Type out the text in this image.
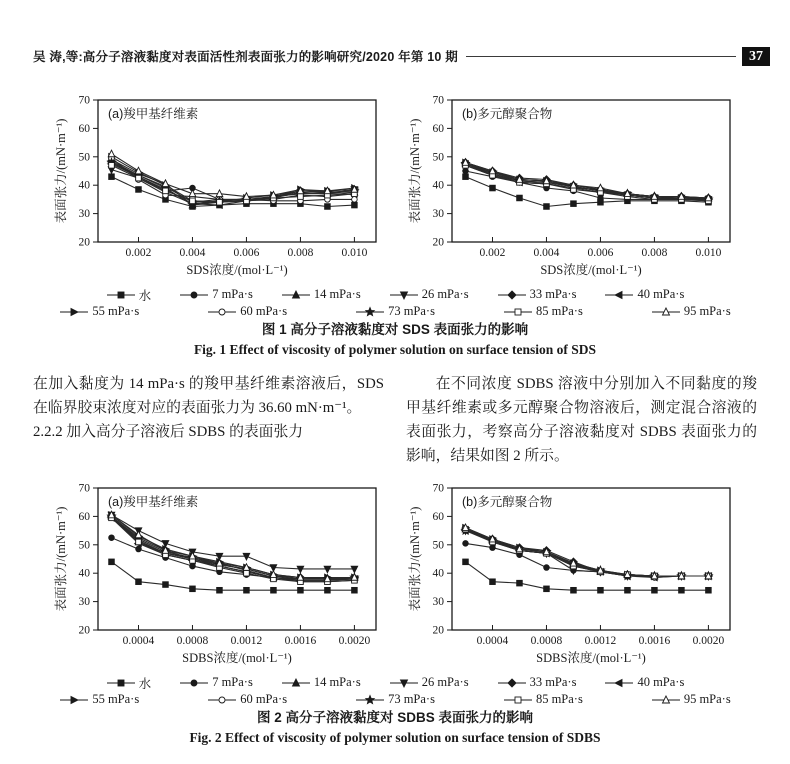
吴 涛,等:高分子溶液黏度对表面活性剂表面张力的影响研究/2020 年第 10 期	37
20
30
40
50
60
70
0.002 0.004 0.006 0.008 0.010
(a)羧甲基纤维素
SDS浓度/(mol·L⁻¹)
表面张力/(mN·m⁻¹)
20
30
40
50
60
70
0.002 0.004 0.006 0.008 0.010
(b)多元醇聚合物
SDS浓度/(mol·L⁻¹)
表面张力/(mN·m⁻¹)
水	7 mPa·s	14 mPa·s	26 mPa·s	33 mPa·s	40 mPa·s
55 mPa·s	60 mPa·s	73 mPa·s	85 mPa·s	95 mPa·s
图 1 高分子溶液黏度对 SDS 表面张力的影响
Fig. 1 Effect of viscosity of polymer solution on surface tension of SDS

在加入黏度为 14 mPa·s 的羧甲基纤维素溶液后，SDS 在临界胶束浓度对应的表面张力为 36.60 mN·m⁻¹。

2.2.2 加入高分子溶液后 SDBS 的表面张力

在不同浓度 SDBS 溶液中分别加入不同黏度的羧甲基纤维素或多元醇聚合物溶液后，测定混合溶液的表面张力，考察高分子溶液黏度对 SDBS 表面张力的影响，结果如图 2 所示。

20
30
40
50
60
70
0.0004 0.0008 0.0012 0.0016 0.0020
(a)羧甲基纤维素
SDBS浓度/(mol·L⁻¹)
表面张力/(mN·m⁻¹)
20
30
40
50
60
70
0.0004 0.0008 0.0012 0.0016 0.0020
(b)多元醇聚合物
SDBS浓度/(mol·L⁻¹)
表面张力/(mN·m⁻¹)
水	7 mPa·s	14 mPa·s	26 mPa·s	33 mPa·s	40 mPa·s
55 mPa·s	60 mPa·s	73 mPa·s	85 mPa·s	95 mPa·s
图 2 高分子溶液黏度对 SDBS 表面张力的影响
Fig. 2 Effect of viscosity of polymer solution on surface tension of SDBS
